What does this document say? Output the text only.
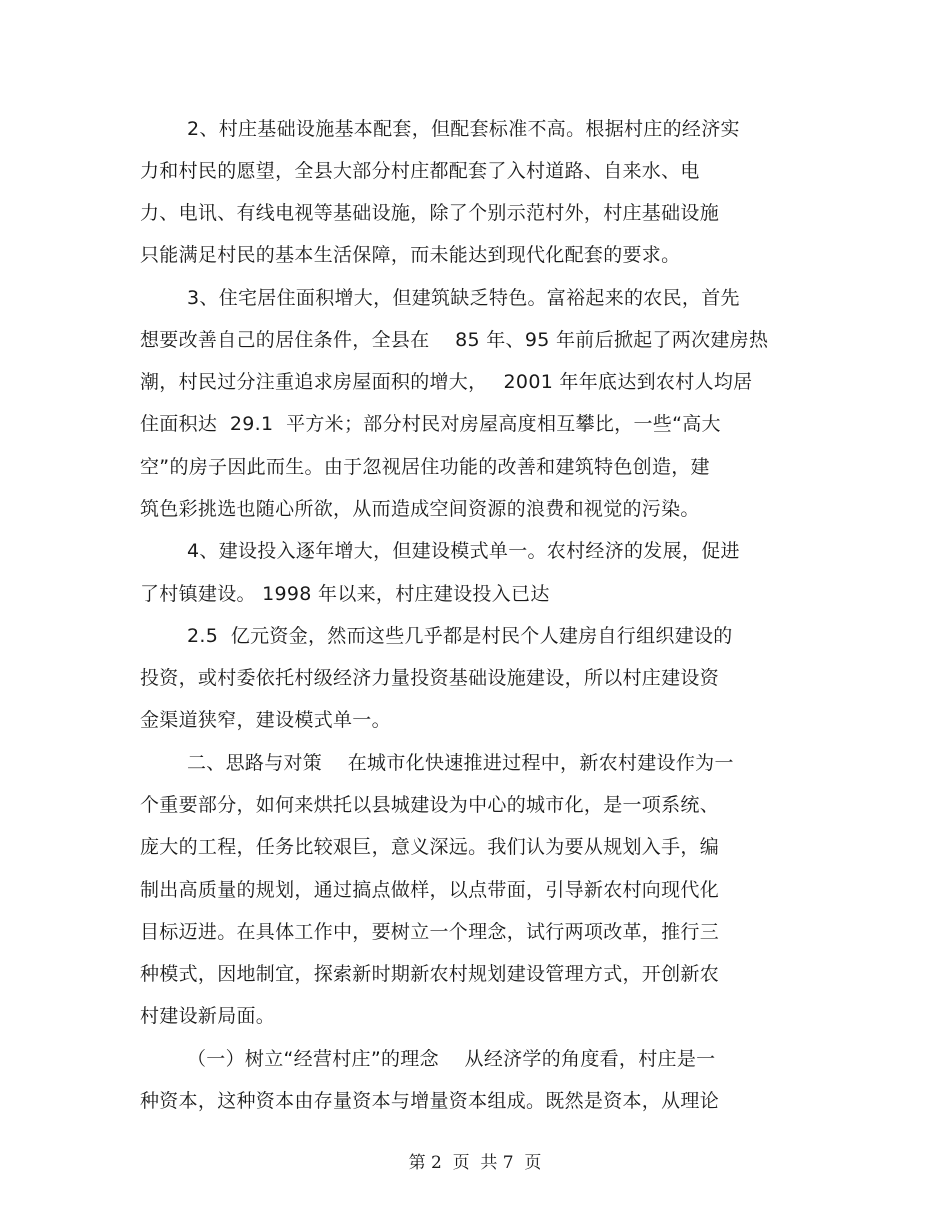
2、村庄基础设施基本配套，但配套标准不高。根据村庄的经济实
力和村民的愿望，全县大部分村庄都配套了入村道路、自来水、电
力、电讯、有线电视等基础设施，除了个别示范村外，村庄基础设施
只能满足村民的基本生活保障，而未能达到现代化配套的要求。
3、住宅居住面积增大，但建筑缺乏特色。富裕起来的农民，首先
想要改善自己的居住条件，全县在　 85 年、95 年前后掀起了两次建房热
潮，村民过分注重追求房屋面积的增大，　 2001 年年底达到农村人均居
住面积达  29.1  平方米；部分村民对房屋高度相互攀比，一些“高大
空”的房子因此而生。由于忽视居住功能的改善和建筑特色创造，建
筑色彩挑选也随心所欲，从而造成空间资源的浪费和视觉的污染。
4、建设投入逐年增大，但建设模式单一。农村经济的发展，促进
了村镇建设。 1998 年以来，村庄建设投入已达
2.5  亿元资金，然而这些几乎都是村民个人建房自行组织建设的
投资，或村委依托村级经济力量投资基础设施建设，所以村庄建设资
金渠道狭窄，建设模式单一。
二、思路与对策　 在城市化快速推进过程中，新农村建设作为一
个重要部分，如何来烘托以县城建设为中心的城市化，是一项系统、
庞大的工程，任务比较艰巨，意义深远。我们认为要从规划入手，编
制出高质量的规划，通过搞点做样，以点带面，引导新农村向现代化
目标迈进。在具体工作中，要树立一个理念，试行两项改革，推行三
种模式，因地制宜，探索新时期新农村规划建设管理方式，开创新农
村建设新局面。
（一）树立“经营村庄”的理念　 从经济学的角度看，村庄是一
种资本，这种资本由存量资本与增量资本组成。既然是资本，从理论
第 2  页  共 7  页
